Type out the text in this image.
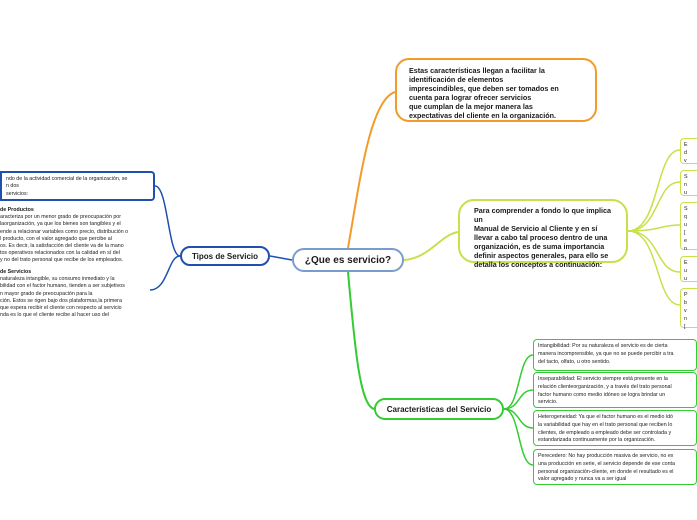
¿Que es servicio?
Estas características llegan a facilitar la
identificación de elementos
imprescindibles, que deben ser tomados en
cuenta para lograr ofrecer servicios
que cumplan de la mejor manera las
expectativas del cliente en la organización.
Para comprender a fondo lo que implica un
Manual de Servicio al Cliente y en sí
llevar a cabo tal proceso dentro de una
organización, es de suma importancia
definir aspectos generales, para ello se
detalla los conceptos a continuación:
Tipos de Servicio
ndo de la actividad comercial de la organización, se
n dos
servicios:
de Productos
aracteriza por un menor grado de preocupación por
laorganización, ya que los bienes son tangibles y el
ende a relacionar variables como precio, distribución o
l producto, con el valor agregado que percibe al
os. Es decir, la satisfacción del cliente va de la mano
tos operativos relacionados con la calidad en sí del
y no del trato personal que recibe de los empleados.
de Servicios
naturaleza intangible, su consumo inmediato y la
bilidad con el factor humano, tienden a ser subjetivos
n mayor grado de preocupación para la
ción. Estos se rigen bajo dos plataformas,la primera
que espera recibir el cliente con respecto al servicio
nda es lo que el cliente recibe al hacer uso del
Características del Servicio
Intangibilidad: Por su naturaleza el servicio es de cierta
manera incomprensible, ya que no se puede percibir a tra
del tacto, olfato, u otro sentido.
Inseparabilidad: El servicio siempre está presente en la
relación clienteorganización, y a través del trato personal
factor humano como medio idóneo se logra brindar un
servicio.
Heterogeneidad: Ya que el factor humano es el medio idó
la variabilidad que hay en el trato personal que reciben lo
clientes, de empleado a empleado debe ser controlada y
estandarizada continuamente por la organización.
Perecedero: No hay producción masiva de servicio, no ex
una producción en serie, el servicio depende de ese conta
personal organización-cliente, en donde el resultado es el
valor agregado y nunca va a ser igual
E
d
v
S
n
u
S
q
u
[
e
n
E
u
u
P
b
v
n
[
